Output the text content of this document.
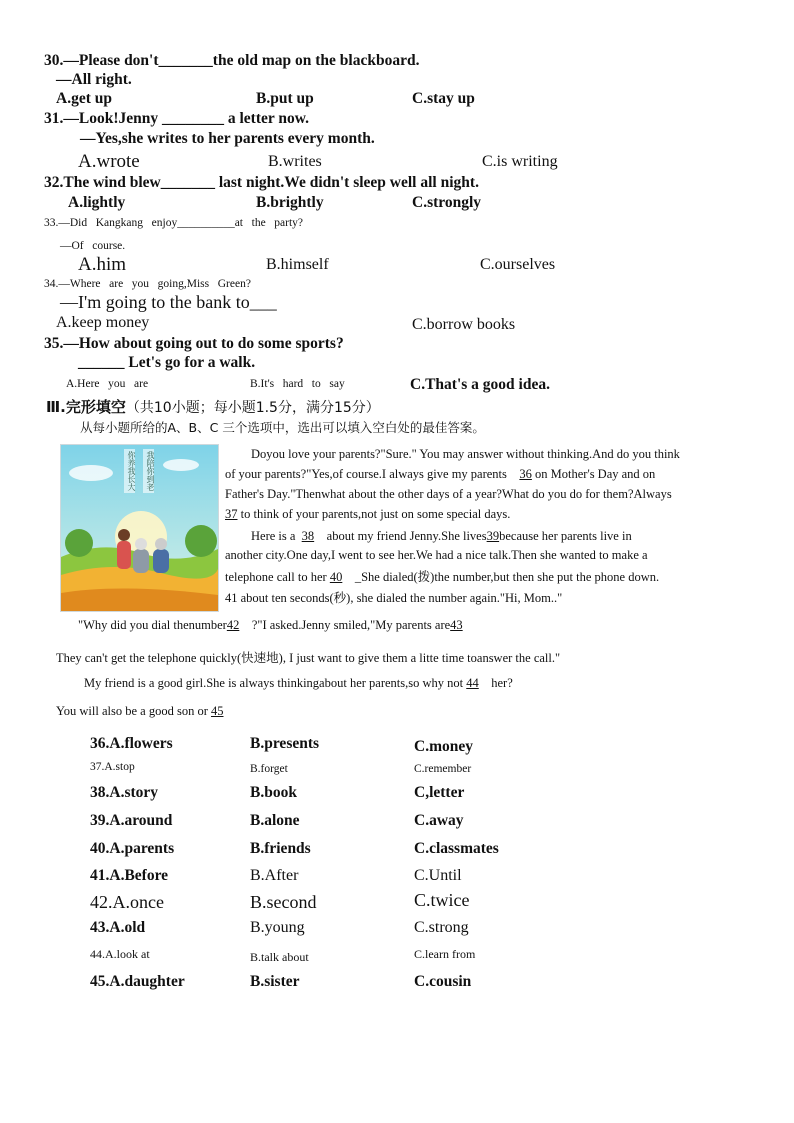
30.—Please don't_______the old map on the blackboard.
—All right.
A.get up	B.put up	C.stay up
31.—Look!Jenny ________ a letter now.
—Yes,she writes to her parents every month.
A.wrote	B.writes	C.is writing
32.The wind blew_______ last night.We didn't sleep well all night.
A.lightly	B.brightly	C.strongly
33.—Did   Kangkang   enjoy__________at   the   party?
—Of   course.
A.him	B.himself	C.ourselves
34.—Where   are   you   going,Miss   Green?
—I'm going to the bank to___
A.keep money	C.borrow books
35.—How about going out to do some sports?
______ Let's go for a walk.
A.Here   you   are	B.It's   hard   to   say	C.That's a good idea.
Ⅲ.完形填空（共10小题；每小题1.5分，满分15分）
从每小题所给的A、B、C 三个选项中，选出可以填入空白处的最佳答案。
你养我长大 我陪你到老	Doyou love your parents?"Sure." You may answer without thinking.And do you think
of your parents?"Yes,of course.I always give my parents 36 on Mother's Day and on
Father's Day."Thenwhat about the other days of a year?What do you do for them?Always
37 to think of your parents,not just on some special days.
Here is a 38 about my friend Jenny.She lives39because her parents live in
another city.One day,I went to see her.We had a nice talk.Then she wanted to make a
telephone call to her 40    _She dialed(拨)the number,but then she put the phone down.
41 about ten seconds(秒), she dialed the number again."Hi, Mom.."
"Why did you dial thenumber42 ?"I asked.Jenny smiled,"My parents are43
They can't get the telephone quickly(快速地), I just want to give them a litte time toanswer the call."
My friend is a good girl.She is always thinkingabout her parents,so why not 44 her?
You will also be a good son or 45
36.A.flowers	B.presents	C.money
37.A.stop	B.forget	C.remember
38.A.story	B.book	C,letter
39.A.around	B.alone	C.away
40.A.parents	B.friends	C.classmates
41.A.Before	B.After	C.Until
42.A.once	B.second	C.twice
43.A.old	B.young	C.strong
44.A.look at	B.talk about	C.learn from
45.A.daughter	B.sister	C.cousin
